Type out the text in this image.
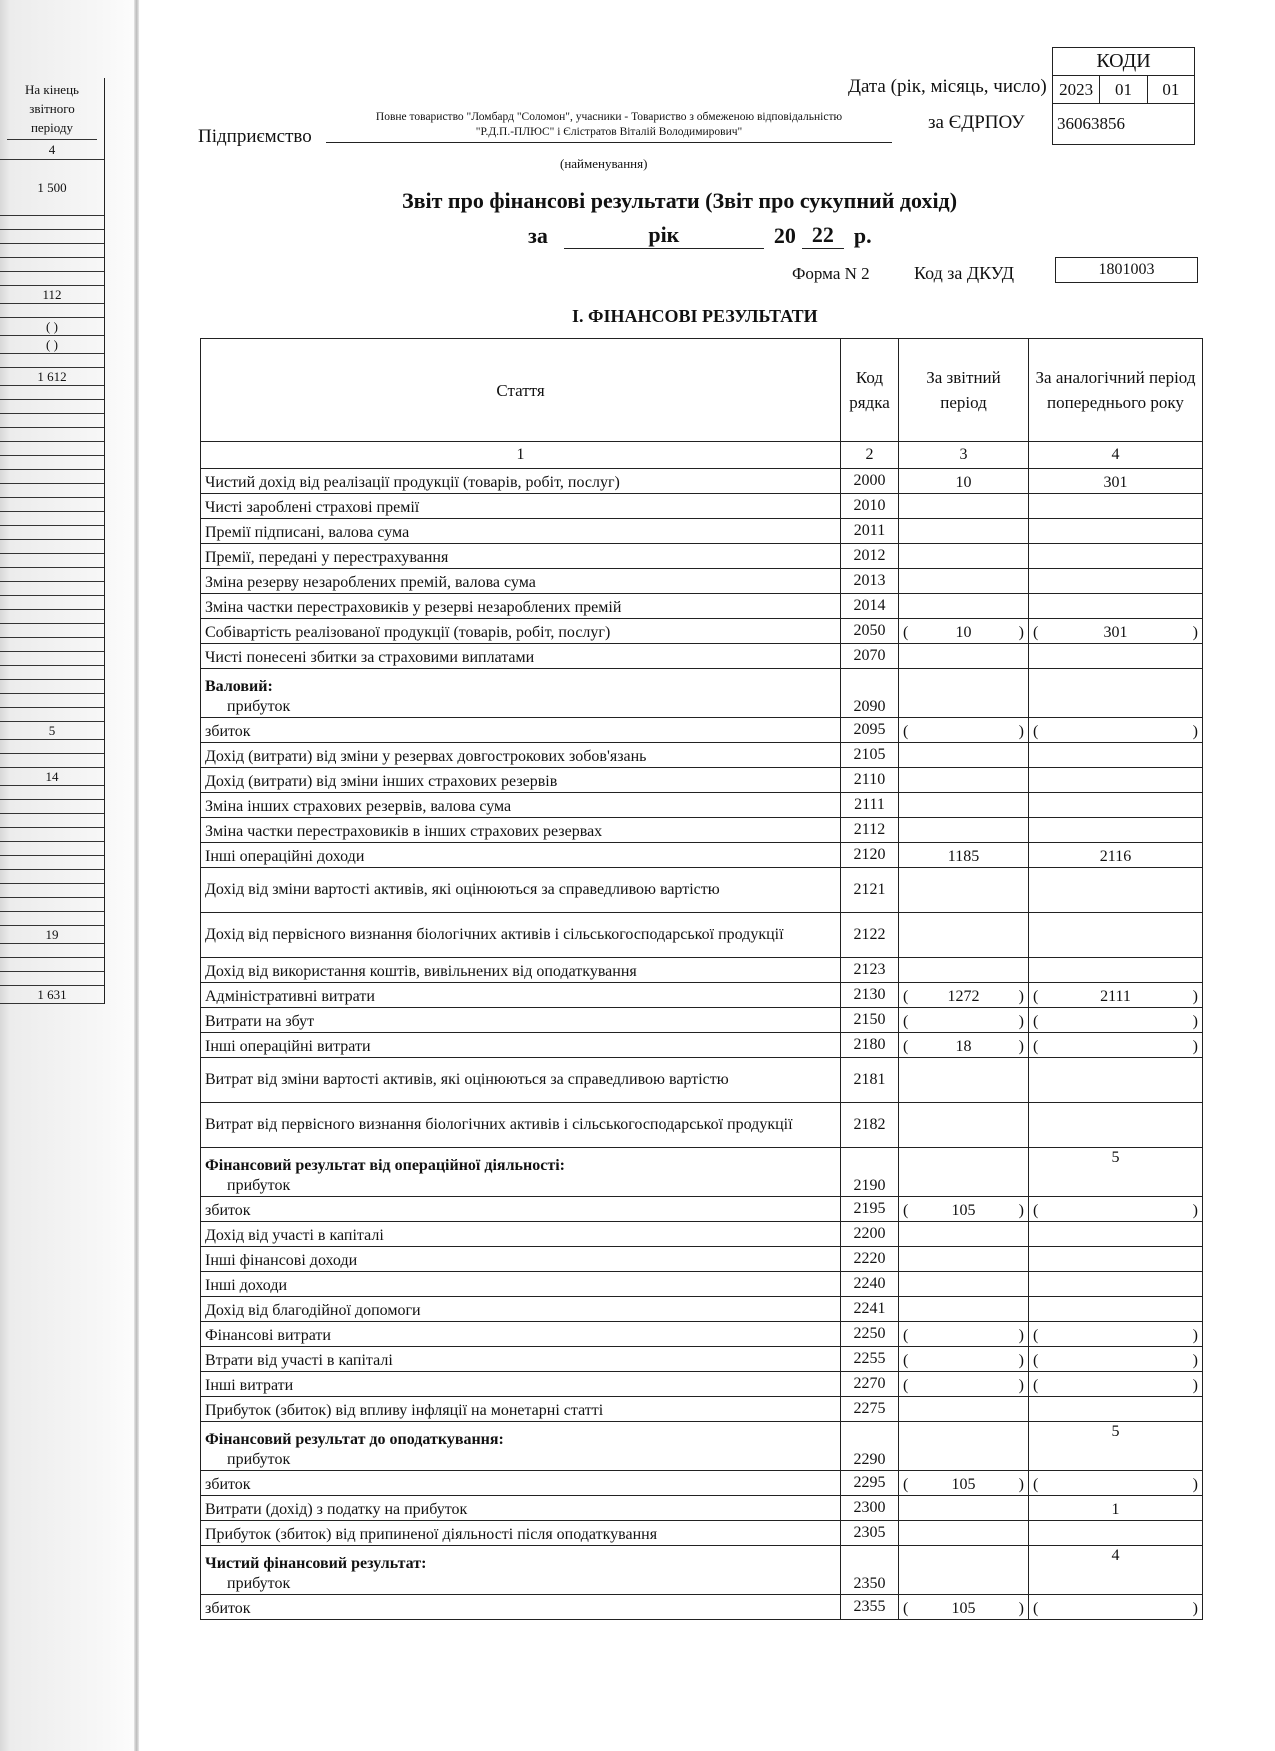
На кінець звітного періоду
4
1 500
112
( )
( )
1 612
5
14
19
1 631
Дата (рік, місяць, число)
за ЄДРПОУ
Підприємство
Повне товариство "Ломбард "Соломон", учасники - Товариство з обмеженою відповідальністю
"Р.Д.П.-ПЛЮС" і Єлістратов Віталій Володимирович"
(найменування)
КОДИ
2023	01	01
36063856
Звіт про фінансові результати (Звіт про сукупний дохід)
за	рік	20 22 р.
Форма N 2 Код за ДКУД	1801003
І. ФІНАНСОВІ РЕЗУЛЬТАТИ
Стаття	Код рядка	За звітний період	За аналогічний період попереднього року
1	2	3	4
Чистий дохід від реалізації продукції (товарів, робіт, послуг)	2000	10	301
Чисті зароблені страхові премії	2010		
Премії підписані, валова сума	2011		
Премії, передані у перестрахування	2012		
Зміна резерву незароблених премій, валова сума	2013		
Зміна частки перестраховиків у резерві незароблених премій	2014		
Собівартість реалізованої продукції (товарів, робіт, послуг)	2050	( 10 )	( 301 )

Чисті понесені збитки за страховими виплатами	2070		

Валовий:
прибуток	2090		
збиток	2095	( )	( )

Дохід (витрати) від зміни у резервах довгострокових зобов'язань	2105		
Дохід (витрати) від зміни інших страхових резервів	2110		
Зміна інших страхових резервів, валова сума	2111		
Зміна частки перестраховиків в інших страхових резервах	2112		
Інші операційні доходи	2120	1185	2116
Дохід від зміни вартості активів, які оцінюються за справедливою вартістю	2121		
Дохід від первісного визнання біологічних активів і сільськогосподарської продукції	2122		
Дохід від використання коштів, вивільнених від оподаткування	2123		
Адміністративні витрати	2130	( 1272 )	( 2111 )

Витрати на збут	2150	( )	( )

Інші операційні витрати	2180	( 18 )	( )

Витрат від зміни вартості активів, які оцінюються за справедливою вартістю	2181		
Витрат від первісного визнання біологічних активів і сільськогосподарської продукції	2182		

Фінансовий результат від операційної діяльності:
прибуток	2190		5
збиток	2195	( 105 )	( )

Дохід від участі в капіталі	2200		
Інші фінансові доходи	2220		
Інші доходи	2240		
Дохід від благодійної допомоги	2241		
Фінансові витрати	2250	( )	( )

Втрати від участі в капіталі	2255	( )	( )

Інші витрати	2270	( )	( )

Прибуток (збиток) від впливу інфляції на монетарні статті	2275		

Фінансовий результат до оподаткування:
прибуток	2290		5
збиток	2295	( 105 )	( )

Витрати (дохід) з податку на прибуток	2300		1
Прибуток (збиток) від припиненої діяльності після оподаткування	2305		

Чистий фінансовий результат:
прибуток	2350		4
збиток	2355	( 105 )	( )
